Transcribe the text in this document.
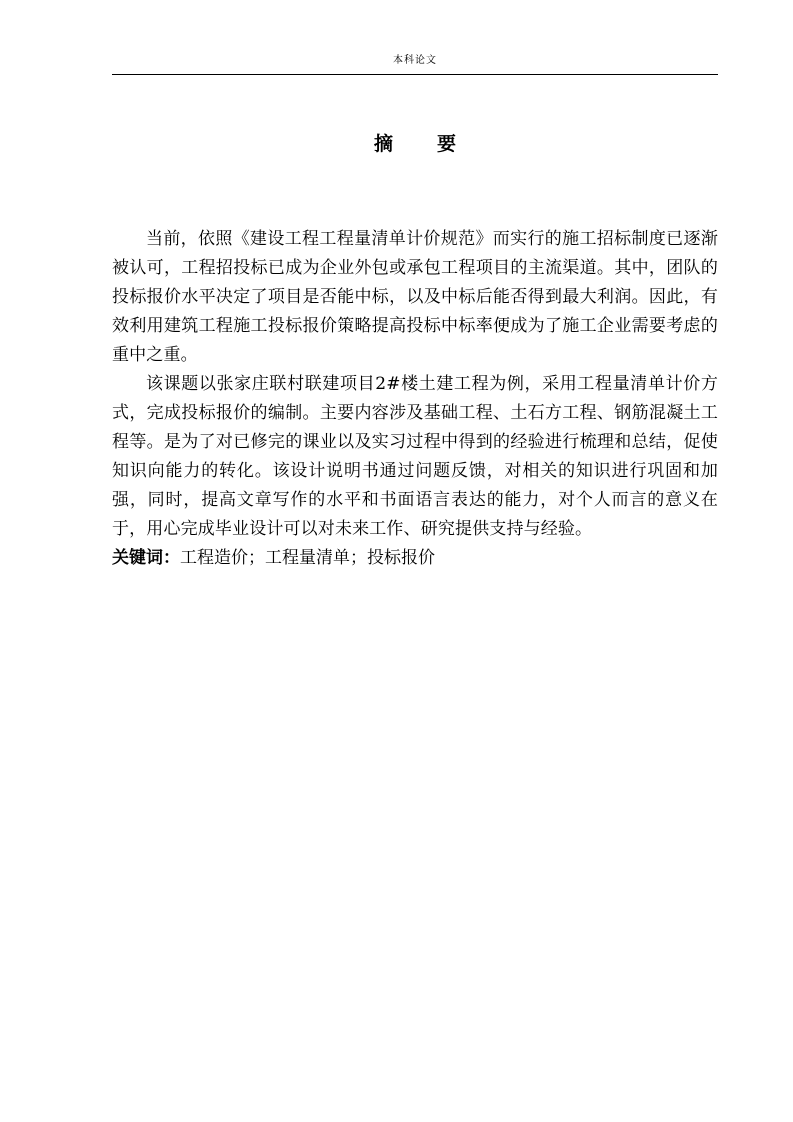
本科论文
摘 要

当前，依照《建设工程工程量清单计价规范》而实行的施工招标制度已逐渐被认可，工程招投标已成为企业外包或承包工程项目的主流渠道。其中，团队的投标报价水平决定了项目是否能中标，以及中标后能否得到最大利润。因此，有效利用建筑工程施工投标报价策略提高投标中标率便成为了施工企业需要考虑的重中之重。

该课题以张家庄联村联建项目2#楼土建工程为例，采用工程量清单计价方式，完成投标报价的编制。主要内容涉及基础工程、土石方工程、钢筋混凝土工程等。是为了对已修完的课业以及实习过程中得到的经验进行梳理和总结，促使知识向能力的转化。该设计说明书通过问题反馈，对相关的知识进行巩固和加强，同时，提高文章写作的水平和书面语言表达的能力，对个人而言的意义在于，用心完成毕业设计可以对未来工作、研究提供支持与经验。

关键词：工程造价；工程量清单；投标报价
